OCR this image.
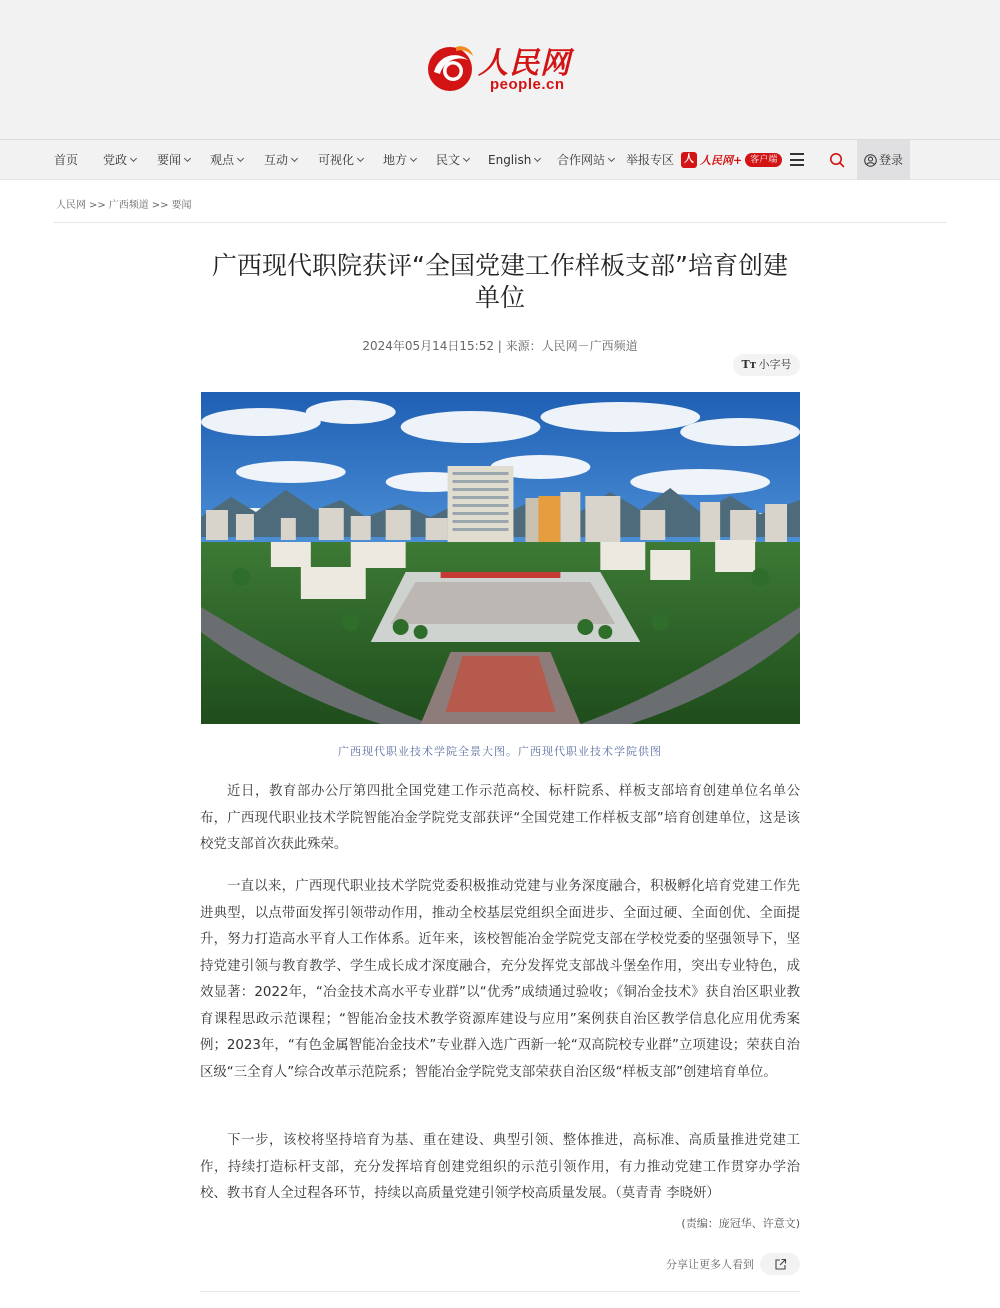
人民网
people.cn
首页 党政	要闻	观点	互动	可视化	地方	民文	English	合作网站	举报专区 人 人民网+ 客户端	登录
人民网 >> 广西频道 >> 要闻
广西现代职院获评“全国党建工作样板支部”培育创建单位
2024年05月14日15:52 | 来源：人民网－广西频道
Tт 小字号
广西现代职业技术学院全景大图。广西现代职业技术学院供图

近日，教育部办公厅第四批全国党建工作示范高校、标杆院系、样板支部培育创建单位名单公布，广西现代职业技术学院智能冶金学院党支部获评“全国党建工作样板支部”培育创建单位，这是该校党支部首次获此殊荣。

一直以来，广西现代职业技术学院党委积极推动党建与业务深度融合，积极孵化培育党建工作先进典型，以点带面发挥引领带动作用，推动全校基层党组织全面进步、全面过硬、全面创优、全面提升，努力打造高水平育人工作体系。近年来，该校智能冶金学院党支部在学校党委的坚强领导下，坚持党建引领与教育教学、学生成长成才深度融合，充分发挥党支部战斗堡垒作用，突出专业特色，成效显著：2022年，“冶金技术高水平专业群”以“优秀”成绩通过验收；《铜冶金技术》获自治区职业教育课程思政示范课程；“智能冶金技术教学资源库建设与应用”案例获自治区教学信息化应用优秀案例；2023年，“有色金属智能冶金技术”专业群入选广西新一轮“双高院校专业群”立项建设；荣获自治区级“三全育人”综合改革示范院系；智能冶金学院党支部荣获自治区级“样板支部”创建培育单位。

下一步，该校将坚持培育为基、重在建设、典型引领、整体推进，高标准、高质量推进党建工作，持续打造标杆支部，充分发挥培育创建党组织的示范引领作用，有力推动党建工作贯穿办学治校、教书育人全过程各环节，持续以高质量党建引领学校高质量发展。（莫青青 李晓妍）

(责编：庞冠华、许意文)
分享让更多人看到
